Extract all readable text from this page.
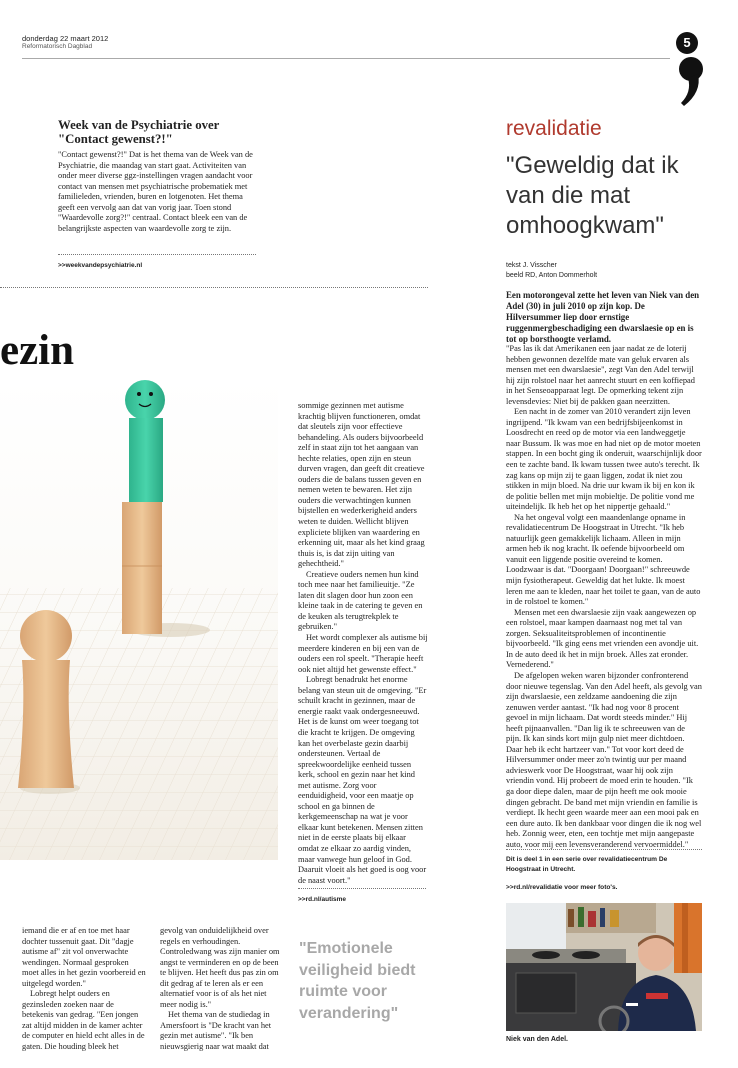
donderdag 22 maart 2012
Reformatorisch Dagblad	5
Week van de Psychiatrie over "Contact gewenst?!"
"Contact gewenst?!" Dat is het thema van de Week van de Psychiatrie, die maandag van start gaat. Activiteiten van onder meer diverse ggz-instellingen vragen aandacht voor contact van mensen met psychiatrische probematiek met familieleden, vrienden, buren en lotgenoten. Het thema geeft een vervolg aan dat van vorig jaar. Toen stond "Waardevolle zorg?!" centraal. Contact bleek een van de belangrijkste aspecten van waardevolle zorg te zijn.
>>weekvandepsychiatrie.nl
ezin

sommige gezinnen met autisme krachtig blijven functioneren, omdat dat sleutels zijn voor effectieve behandeling. Als ouders bijvoorbeeld zelf in staat zijn tot het aangaan van hechte relaties, open zijn en steun durven vragen, dan geeft dit creatieve ouders die de balans tussen geven en nemen weten te bewaren. Het zijn ouders die verwachtingen kunnen bijstellen en wederkerigheid anders weten te duiden. Wellicht blijven expliciete blijken van waardering en erkenning uit, maar als het kind graag thuis is, is dat zijn uiting van gehechtheid."

Creatieve ouders nemen hun kind toch mee naar het familieuitje. "Ze laten dit slagen door hun zoon een kleine taak in de catering te geven en de keuken als terugtrekplek te gebruiken."

Het wordt complexer als autisme bij meerdere kinderen en bij een van de ouders een rol speelt. "Therapie heeft ook niet altijd het gewenste effect."

Lobregt benadrukt het enorme belang van steun uit de omgeving. "Er schuilt kracht in gezinnen, maar de energie raakt vaak ondergesneeuwd. Het is de kunst om weer toegang tot die kracht te krijgen. De omgeving kan het overbelaste gezin daarbij ondersteunen. Vertaal de spreekwoordelijke eenheid tussen kerk, school en gezin naar het kind met autisme. Zorg voor eenduidigheid, voor een maatje op school en ga binnen de kerkgemeenschap na wat je voor elkaar kunt betekenen. Mensen zitten niet in de eerste plaats bij elkaar omdat ze elkaar zo aardig vinden, maar vanwege hun geloof in God. Daaruit vloeit als het goed is oog voor de naast voort."

>>rd.nl/autisme

iemand die er af en toe met haar dochter tussenuit gaat. Dit "dagje autisme af" zit vol onverwachte wendingen. Normaal gesproken moet alles in het gezin voorbereid en uitgelegd worden."

Lobregt helpt ouders en gezinsleden zoeken naar de betekenis van gedrag. "Een jongen zat altijd midden in de kamer achter de computer en hield echt alles in de gaten. Die houding bleek het

gevolg van onduidelijkheid over regels en verhoudingen. Controledwang was zijn manier om angst te verminderen en op de been te blijven. Het heeft dus pas zin om dit gedrag af te leren als er een alternatief voor is of als het niet meer nodig is."

Het thema van de studiedag in Amersfoort is "De kracht van het gezin met autisme". "Ik ben nieuwsgierig naar wat maakt dat

"Emotionele veiligheid biedt ruimte voor verandering"
revalidatie
"Geweldig dat ik van die mat omhoogkwam"
tekst J. Visscher
beeld RD, Anton Dommerholt
Een motorongeval zette het leven van Niek van den Adel (30) in juli 2010 op zijn kop. De Hilversummer liep door ernstige ruggenmergbeschadiging een dwarslaesie op en is tot op borsthoogte verlamd.

"Pas las ik dat Amerikanen een jaar nadat ze de loterij hebben gewonnen dezelfde mate van geluk ervaren als mensen met een dwarslaesie", zegt Van den Adel terwijl hij zijn rolstoel naar het aanrecht stuurt en een koffiepad in het Senseoapparaat legt. De opmerking tekent zijn levensdevies: Niet bij de pakken gaan neerzitten.

Een nacht in de zomer van 2010 verandert zijn leven ingrijpend. "Ik kwam van een bedrijfsbijeenkomst in Loosdrecht en reed op de motor via een landweggetje naar Bussum. Ik was moe en had niet op de motor moeten stappen. In een bocht ging ik onderuit, waarschijnlijk door een te zachte band. Ik kwam tussen twee auto's terecht. Ik zag kans op mijn zij te gaan liggen, zodat ik niet zou stikken in mijn bloed. Na drie uur kwam ik bij en kon ik de politie bellen met mijn mobieltje. De politie vond me uiteindelijk. Ik heb het op het nippertje gehaald."

Na het ongeval volgt een maandenlange opname in revalidatiecentrum De Hoogstraat in Utrecht. "Ik heb natuurlijk geen gemakkelijk lichaam. Alleen in mijn armen heb ik nog kracht. Ik oefende bijvoorbeeld om vanuit een liggende positie overeind te komen. Loodzwaar is dat. "Doorgaan! Doorgaan!" schreeuwde mijn fysiotherapeut. Geweldig dat het lukte. Ik moest leren me aan te kleden, naar het toilet te gaan, van de auto in de rolstoel te komen."

Mensen met een dwarslaesie zijn vaak aangewezen op een rolstoel, maar kampen daarnaast nog met tal van zorgen. Seksualiteitsproblemen of incontinentie bijvoorbeeld. "Ik ging eens met vrienden een avondje uit. In de auto deed ik het in mijn broek. Alles zat eronder. Vernederend."

De afgelopen weken waren bijzonder confronterend door nieuwe tegenslag. Van den Adel heeft, als gevolg van zijn dwarslaesie, een zeldzame aandoening die zijn zenuwen verder aantast. "Ik had nog voor 8 procent gevoel in mijn lichaam. Dat wordt steeds minder." Hij heeft pijnaanvallen. "Dan lig ik te schreeuwen van de pijn. Ik kan sinds kort mijn gulp niet meer dichtdoen. Daar heb ik echt hartzeer van." Tot voor kort deed de Hilversummer onder meer zo'n twintig uur per maand advieswerk voor De Hoogstraat, waar hij ook zijn vriendin vond. Hij probeert de moed erin te houden. "Ik ga door diepe dalen, maar de pijn heeft me ook mooie dingen gebracht. De band met mijn vriendin en familie is verdiept. Ik hecht geen waarde meer aan een mooi pak en een dure auto. Ik ben dankbaar voor dingen die ik nog wel heb. Zonnig weer, eten, een tochtje met mijn aangepaste auto, voor mij een levensveranderend vervoermiddel."

Dit is deel 1 in een serie over revalidatiecentrum De Hoogstraat in Utrecht.
>>rd.nl/revalidatie voor meer foto's.
Niek van den Adel.
